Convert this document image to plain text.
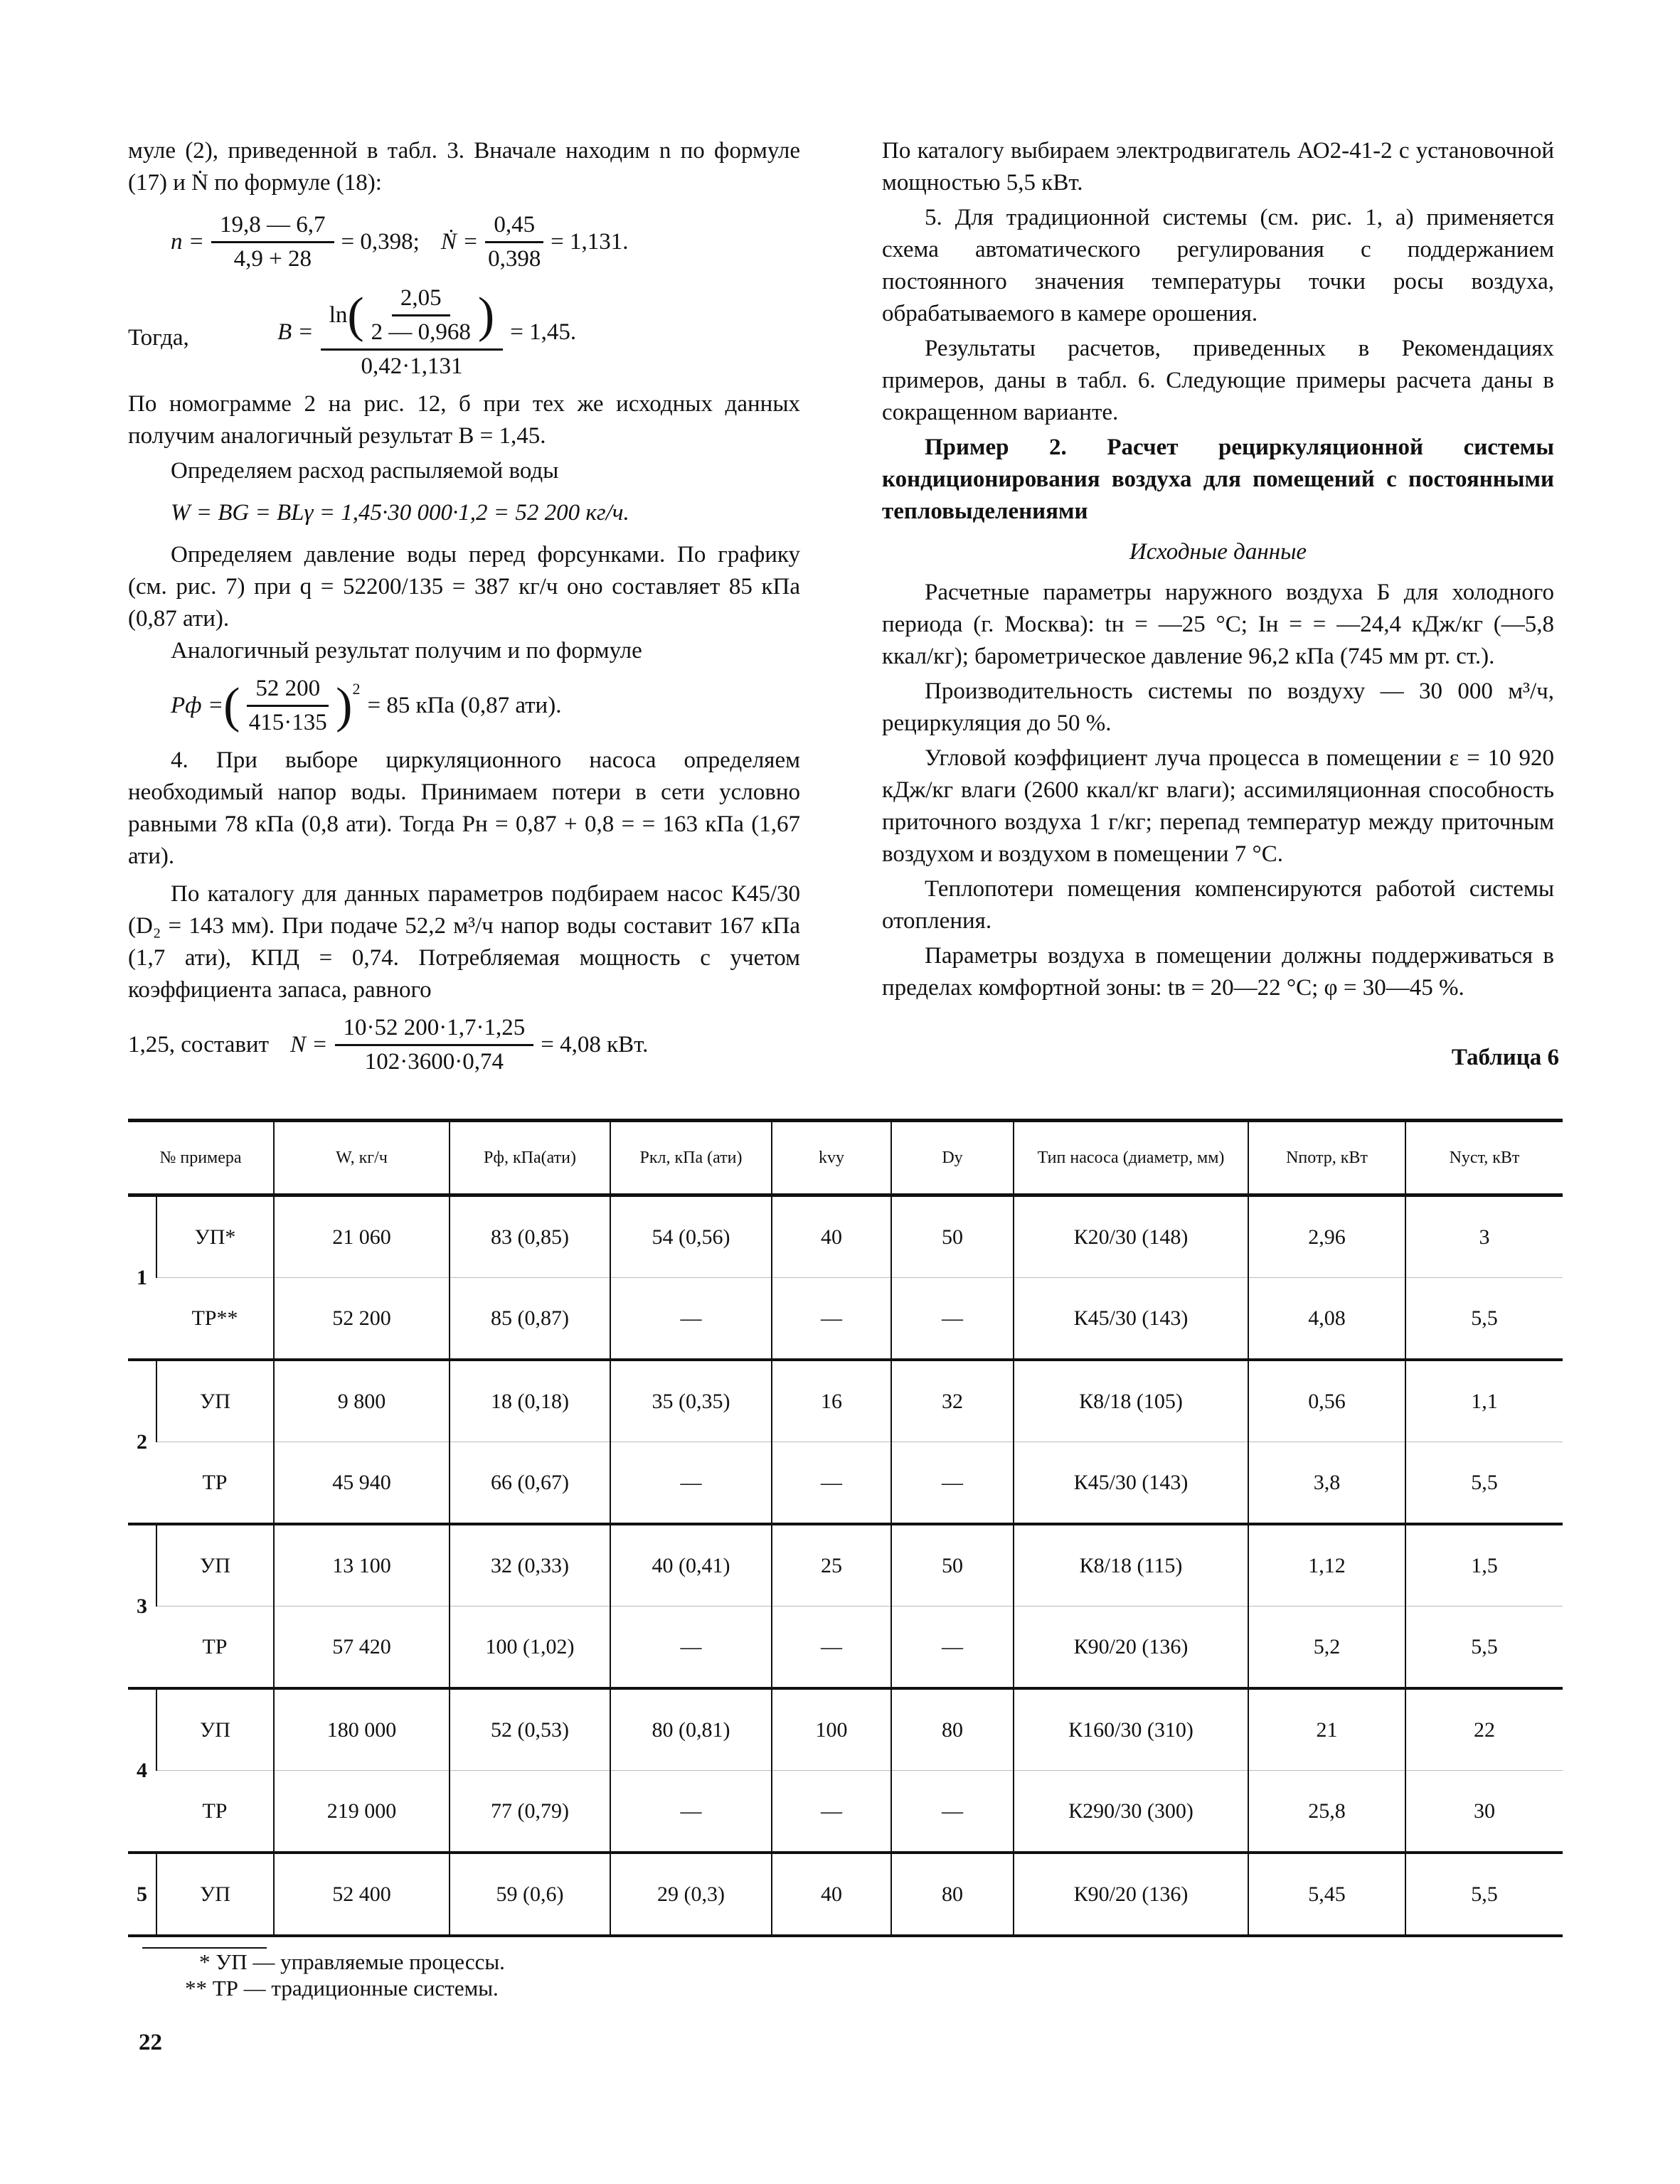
муле (2), приведенной в табл. 3. Вначале находим n по формуле (17) и Ṅ по формуле (18):

$n = \frac{19,8 — 6,7}{4,9 + 28} = 0,398$; Ṅ = $\frac{0,45}{0,398} = 1,131$.
Тогда,	$B = \frac{\ln ( \frac{2,05}{2 — 0,968} )}{0,42\cdot 1,131} = 1,45$.

По номограмме 2 на рис. 12, б при тех же исходных данных получим аналогичный результат B = 1,45.

Определяем расход распыляемой воды

W = BG = BLγ = 1,45·30 000·1,2 = 52 200 кг/ч.

Определяем давление воды перед форсунками. По графику (см. рис. 7) при q = 52200/135 = 387 кг/ч оно составляет 85 кПа (0,87 ати).

Аналогичный результат получим и по формуле

Pф = ( $\frac{52 200}{415\cdot 135} )^2$
= 85 кПа (0,87 ати).

4. При выборе циркуляционного насоса определяем необходимый напор воды. Принимаем потери в сети условно равными 78 кПа (0,8 ати). Тогда Pн = 0,87 + 0,8 = = 163 кПа (1,67 ати).

По каталогу для данных параметров подбираем насос К45/30 (D₂ = 143 мм). При подаче 52,2 м³/ч напор воды составит 167 кПа (1,7 ати), КПД = 0,74. Потребляемая мощность с учетом коэффициента запаса, равного

1,25, составит $N = \frac{10\cdot 52 200\cdot 1,7\cdot 1,25}{102\cdot 3600\cdot 0,74} = 4,08$ кВт.

По каталогу выбираем электродвигатель АО2-41-2 с установочной мощностью 5,5 кВт.

5. Для традиционной системы (см. рис. 1, а) применяется схема автоматического регулирования с поддержанием постоянного значения температуры точки росы воздуха, обрабатываемого в камере орошения.

Результаты расчетов, приведенных в Рекомендациях примеров, даны в табл. 6. Следующие примеры расчета даны в сокращенном варианте.

Пример 2. Расчет рециркуляционной системы кондиционирования воздуха для помещений с постоянными тепловыделениями

Исходные данные

Расчетные параметры наружного воздуха Б для холодного периода (г. Москва): tн = —25 °С; Iн = = —24,4 кДж/кг (—5,8 ккал/кг); барометрическое давление 96,2 кПа (745 мм рт. ст.).

Производительность системы по воздуху — 30 000 м³/ч, рециркуляция до 50 %.

Угловой коэффициент луча процесса в помещении ε = 10 920 кДж/кг влаги (2600 ккал/кг влаги); ассимиляционная способность приточного воздуха 1 г/кг; перепад температур между приточным воздухом и воздухом в помещении 7 °С.

Теплопотери помещения компенсируются работой системы отопления.

Параметры воздуха в помещении должны поддерживаться в пределах комфортной зоны: tв = 20—22 °С; φ = 30—45 %.

Таблица 6
№ примера		W, кг/ч	Pф, кПа(ати)	Pкл, кПа (ати)	kvy	Dy	Тип насоса (диаметр, мм)	Nпотр, кВт	Nуст, кВт
1	УП*	21 060	83 (0,85)	54 (0,56)	40	50	К20/30 (148)	2,96	3
	ТР**	52 200	85 (0,87)	—	—	—	К45/30 (143)	4,08	5,5
2	УП	9 800	18 (0,18)	35 (0,35)	16	32	К8/18 (105)	0,56	1,1
	ТР	45 940	66 (0,67)	—	—	—	К45/30 (143)	3,8	5,5
3	УП	13 100	32 (0,33)	40 (0,41)	25	50	К8/18 (115)	1,12	1,5
	ТР	57 420	100 (1,02)	—	—	—	К90/20 (136)	5,2	5,5
4	УП	180 000	52 (0,53)	80 (0,81)	100	80	К160/30 (310)	21	22
	ТР	219 000	77 (0,79)	—	—	—	К290/30 (300)	25,8	30
5	УП	52 400	59 (0,6)	29 (0,3)	40	80	К90/20 (136)	5,45	5,5
* УП — управляемые процессы.
** ТР — традиционные системы.
22
